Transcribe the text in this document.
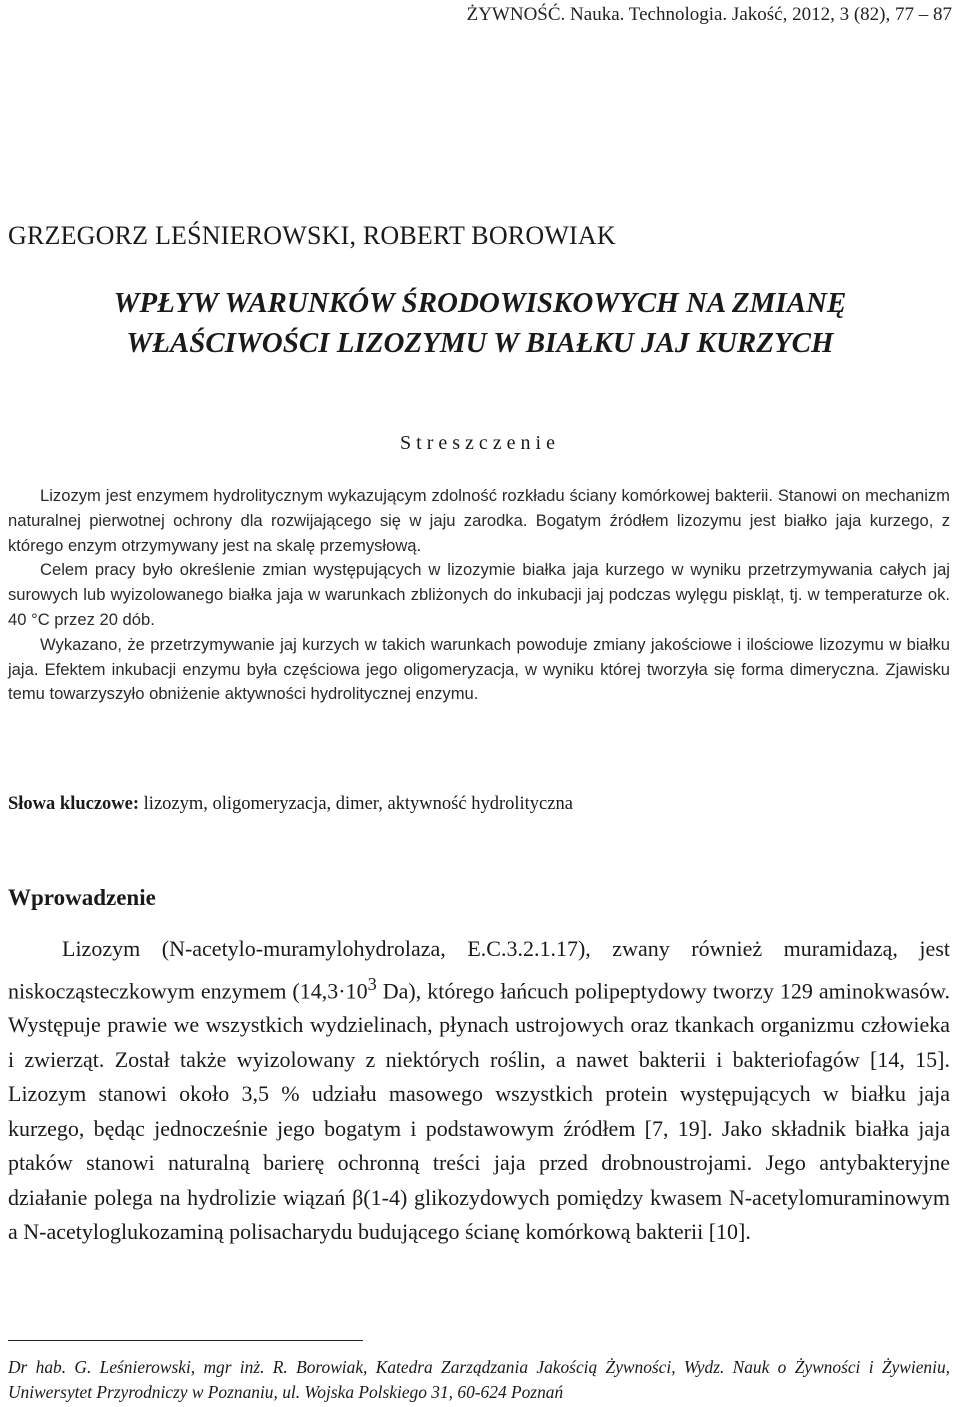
ŻYWNOŚĆ. Nauka. Technologia. Jakość, 2012, 3 (82), 77 – 87
GRZEGORZ LEŚNIEROWSKI, ROBERT BOROWIAK
WPŁYW WARUNKÓW ŚRODOWISKOWYCH NA ZMIANĘ
WŁAŚCIWOŚCI LIZOZYMU W BIAŁKU JAJ KURZYCH
Streszczenie

Lizozym jest enzymem hydrolitycznym wykazującym zdolność rozkładu ściany komórkowej bakterii. Stanowi on mechanizm naturalnej pierwotnej ochrony dla rozwijającego się w jaju zarodka. Bogatym źródłem lizozymu jest białko jaja kurzego, z którego enzym otrzymywany jest na skalę przemysłową.

Celem pracy było określenie zmian występujących w lizozymie białka jaja kurzego w wyniku przetrzymywania całych jaj surowych lub wyizolowanego białka jaja w warunkach zbliżonych do inkubacji jaj podczas wylęgu piskląt, tj. w temperaturze ok. 40 °C przez 20 dób.

Wykazano, że przetrzymywanie jaj kurzych w takich warunkach powoduje zmiany jakościowe i ilościowe lizozymu w białku jaja. Efektem inkubacji enzymu była częściowa jego oligomeryzacja, w wyniku której tworzyła się forma dimeryczna. Zjawisku temu towarzyszyło obniżenie aktywności hydrolitycznej enzymu.

Słowa kluczowe: lizozym, oligomeryzacja, dimer, aktywność hydrolityczna
Wprowadzenie

Lizozym (N-acetylo-muramylohydrolaza, E.C.3.2.1.17), zwany również muramidazą, jest niskocząsteczkowym enzymem ($14,3\cdot 10^3$ Da), którego łańcuch polipeptydowy tworzy 129 aminokwasów. Występuje prawie we wszystkich wydzielinach, płynach ustrojowych oraz tkankach organizmu człowieka i zwierząt. Został także wyizolowany z niektórych roślin, a nawet bakterii i bakteriofagów [14, 15]. Lizozym stanowi około 3,5 % udziału masowego wszystkich protein występujących w białku jaja kurzego, będąc jednocześnie jego bogatym i podstawowym źródłem [7, 19]. Jako składnik białka jaja ptaków stanowi naturalną barierę ochronną treści jaja przed drobnoustrojami. Jego antybakteryjne działanie polega na hydrolizie wiązań β(1-4) glikozydowych pomiędzy kwasem N-acetylomuraminowym a N-acetyloglukozaminą polisacharydu budującego ścianę komórkową bakterii [10].

Dr hab. G. Leśnierowski, mgr inż. R. Borowiak, Katedra Zarządzania Jakością Żywności, Wydz. Nauk o Żywności i Żywieniu, Uniwersytet Przyrodniczy w Poznaniu, ul. Wojska Polskiego 31, 60-624 Poznań
